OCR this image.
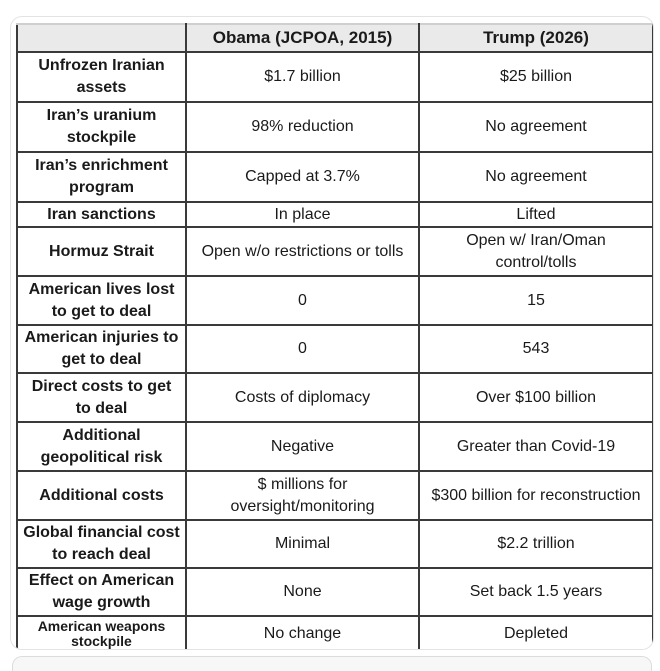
	Obama (JCPOA, 2015)	Trump (2026)
Unfrozen Iranian assets	$1.7 billion	$25 billion
Iran’s uranium stockpile	98% reduction	No agreement
Iran’s enrichment program	Capped at 3.7%	No agreement
Iran sanctions	In place	Lifted
Hormuz Strait	Open w/o restrictions or tolls	Open w/ Iran/Oman control/tolls
American lives lost to get to deal	0	15
American injuries to get to deal	0	543
Direct costs to get to deal	Costs of diplomacy	Over $100 billion
Additional geopolitical risk	Negative	Greater than Covid-19
Additional costs	$ millions for oversight/monitoring	$300 billion for reconstruction
Global financial cost to reach deal	Minimal	$2.2 trillion
Effect on American wage growth	None	Set back 1.5 years
American weapons stockpile	No change	Depleted
